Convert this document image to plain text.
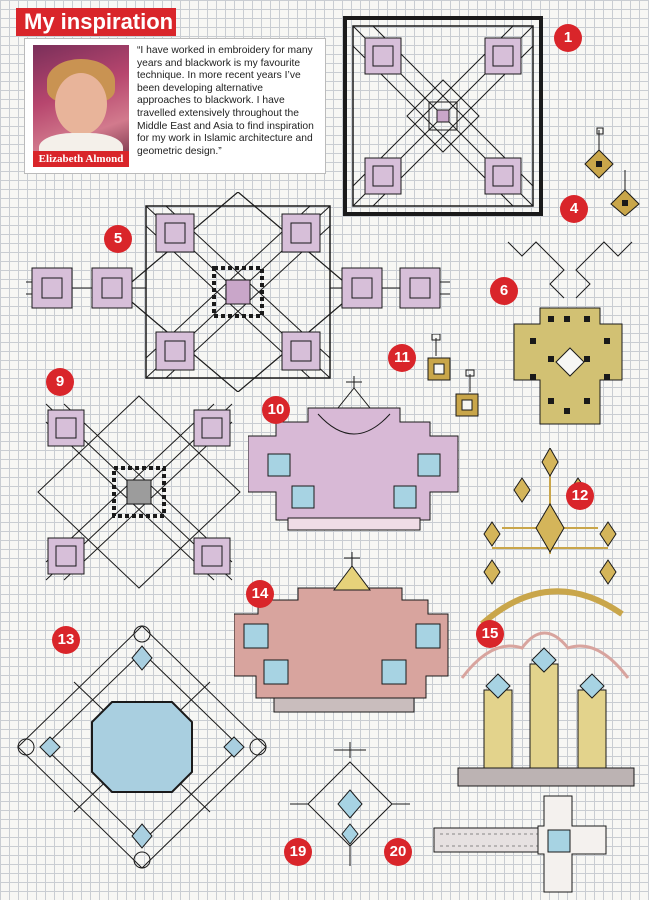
My inspiration
Elizabeth Almond
“I have worked in embroidery for many years and blackwork is my favourite technique. In more recent years I’ve been developing alternative approaches to blackwork. I have travelled extensively throughout the Middle East and Asia to find inspiration for my work in Islamic architecture and geometric design.”
1
4
5
6
11
9
10
12
14
13	15
19	20
